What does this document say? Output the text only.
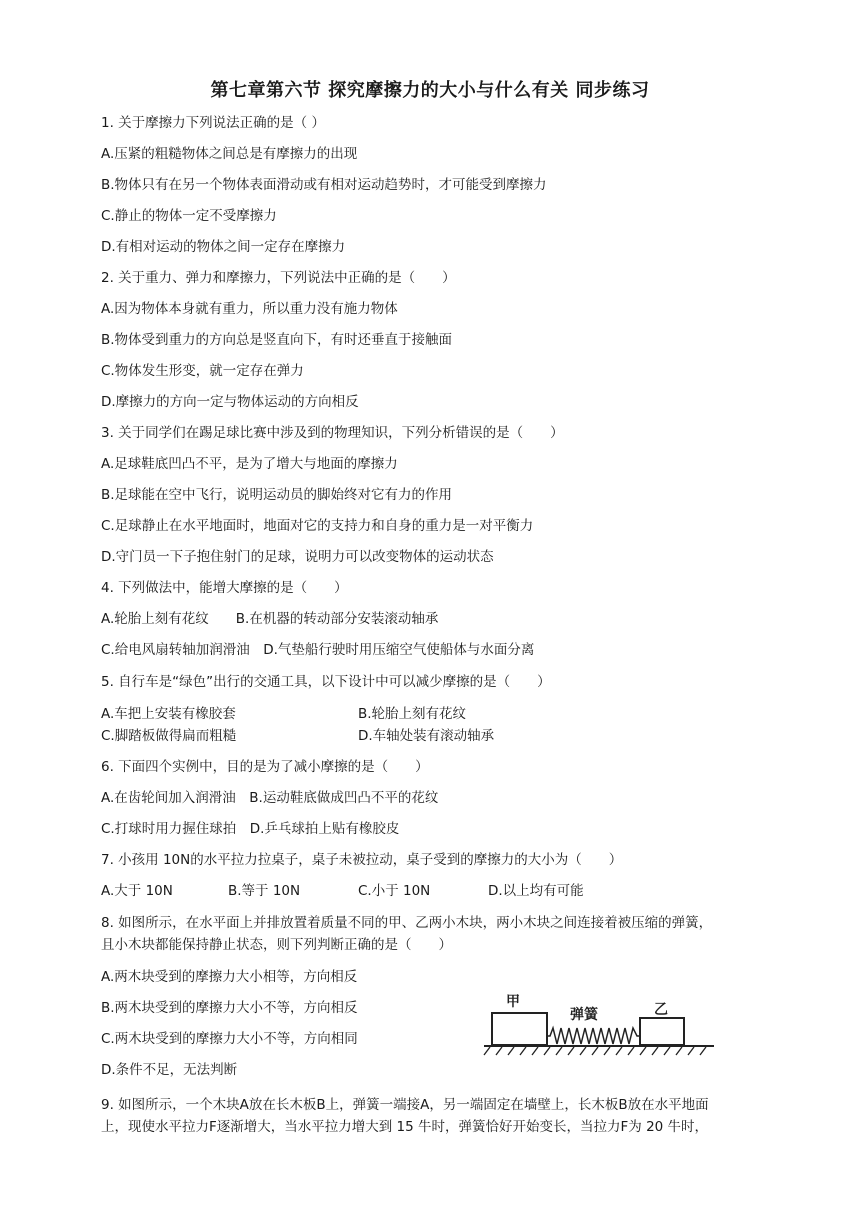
第七章第六节 探究摩擦力的大小与什么有关 同步练习
1. 关于摩擦力下列说法正确的是（ ）
A.压紧的粗糙物体之间总是有摩擦力的出现
B.物体只有在另一个物体表面滑动或有相对运动趋势时，才可能受到摩擦力
C.静止的物体一定不受摩擦力
D.有相对运动的物体之间一定存在摩擦力
2. 关于重力、弹力和摩擦力，下列说法中正确的是（　　）
A.因为物体本身就有重力，所以重力没有施力物体
B.物体受到重力的方向总是竖直向下，有时还垂直于接触面
C.物体发生形变，就一定存在弹力
D.摩擦力的方向一定与物体运动的方向相反
3. 关于同学们在踢足球比赛中涉及到的物理知识，下列分析错误的是（　　）
A.足球鞋底凹凸不平，是为了增大与地面的摩擦力
B.足球能在空中飞行，说明运动员的脚始终对它有力的作用
C.足球静止在水平地面时，地面对它的支持力和自身的重力是一对平衡力
D.守门员一下子抱住射门的足球，说明力可以改变物体的运动状态
4. 下列做法中，能增大摩擦的是（　　）
A.轮胎上刻有花纹　　B.在机器的转动部分安装滚动轴承
C.给电风扇转轴加润滑油　D.气垫船行驶时用压缩空气使船体与水面分离
5. 自行车是“绿色”出行的交通工具，以下设计中可以减少摩擦的是（　　）
A.车把上安装有橡胶套	B.轮胎上刻有花纹
C.脚踏板做得扁而粗糙	D.车轴处装有滚动轴承
6. 下面四个实例中，目的是为了减小摩擦的是（　　）
A.在齿轮间加入润滑油　B.运动鞋底做成凹凸不平的花纹
C.打球时用力握住球拍　D.乒乓球拍上贴有橡胶皮
7. 小孩用 10N的水平拉力拉桌子，桌子未被拉动，桌子受到的摩擦力的大小为（　　）
A.大于 10N	B.等于 10N	C.小于 10N	D.以上均有可能
8. 如图所示，在水平面上并排放置着质量不同的甲、乙两小木块，两小木块之间连接着被压缩的弹簧，
且小木块都能保持静止状态，则下列判断正确的是（　　）
A.两木块受到的摩擦力大小相等，方向相反
B.两木块受到的摩擦力大小不等，方向相反
C.两木块受到的摩擦力大小不等，方向相同
D.条件不足，无法判断
甲
弹簧	乙
9. 如图所示，一个木块A放在长木板B上，弹簧一端接A，另一端固定在墙壁上，长木板B放在水平地面
上，现使水平拉力F逐渐增大，当水平拉力增大到 15 牛时，弹簧恰好开始变长，当拉力F为 20 牛时，
